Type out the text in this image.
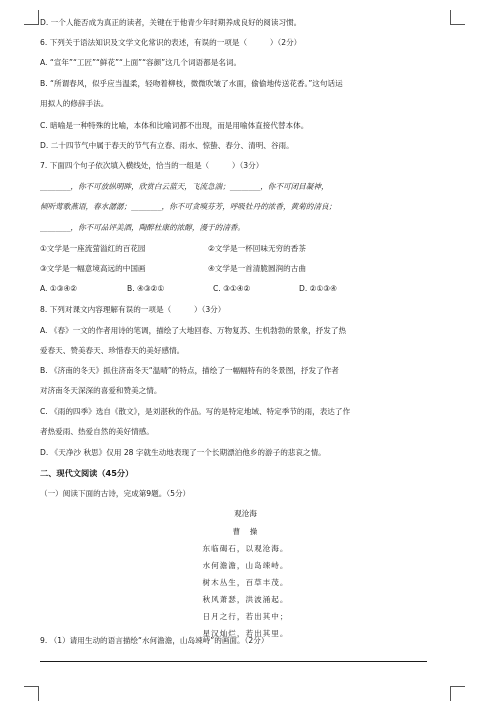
D. 一个人能否成为真正的读者，关键在于他青少年时期养成良好的阅读习惯。
6. 下列关于语法知识及文学文化常识的表述，有误的一项是（　　　）（2分）
A. “宣年”“工匠”“鲜花”“上面”“容颜”这几个词语都是名词。
B. “所谓春风，似乎应当温柔，轻吻着柳枝，微微吹皱了水面，偷偷地传送花香。”这句话运
用拟人的修辞手法。
C. 暗喻是一种特殊的比喻，本体和比喻词都不出现，而是用喻体直接代替本体。
D. 二十四节气中属于春天的节气有立春、雨水、惊蛰、春分、清明、谷雨。
7. 下面四个句子依次填入横线处，恰当的一组是（　　　）（3分）
________，你不可放纵明眸，欣赏白云蓝天，飞流急湍；________，你不可闭目凝神，
倾听莺歌燕语，春水潺潺；________，你不可贪嗅芬芳，呼吸牡丹的浓香，黄菊的清良；
________，你不可品评美酒，陶醉杜康的浓醇，漫于的清香。
①文学是一座流萤溢红的百花园	②文学是一杯回味无穷的香茶
③文学是一幅意境高远的中国画	④文学是一首清脆圆润的古曲
A. ①③④②	B. ④③②①	C. ③①④②	D. ②①③④
8. 下列对课文内容理解有误的一项是（　　　）（3分）
A. 《春》一文的作者用诗的笔调，描绘了大地回春、万物复苏、生机勃勃的景象，抒发了热
爱春天、赞美春天、珍惜春天的美好感情。
B. 《济南的冬天》抓住济南冬天“温晴”的特点，描绘了一幅幅特有的冬景图，抒发了作者
对济南冬天深深的喜爱和赞美之情。
C. 《雨的四季》选自《散文》，是刘湛秋的作品。写的是特定地域、特定季节的雨，表达了作
者热爱雨、热爱自然的美好情感。
D. 《天净沙 秋思》仅用 28 字就生动地表现了一个长期漂泊他乡的游子的悲哀之情。
二、现代文阅读（45分）
（一）阅读下面的古诗，完成第9题。（5分）
观沧海
曹　操
东临碣石，以观沧海。
水何澹澹，山岛竦峙。
树木丛生，百草丰茂。
秋风萧瑟，洪波涌起。
日月之行，若出其中；
星汉灿烂，若出其里。
9. （1）请用生动的语言描绘“水何澹澹，山岛竦峙”的画面。（2分）
